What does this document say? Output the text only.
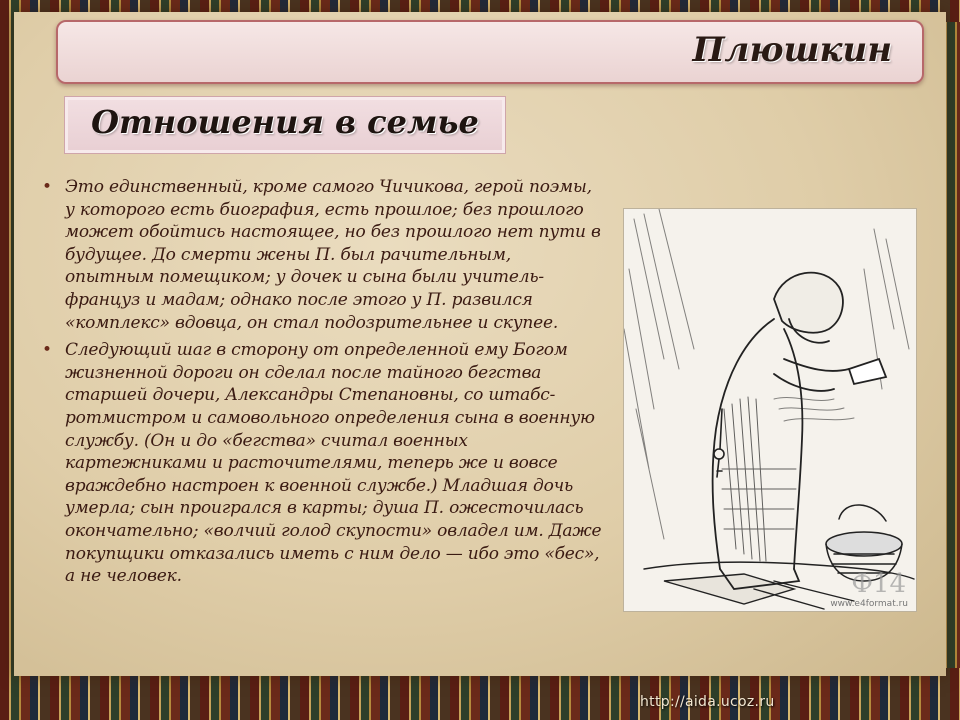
Плюшкин
Отношения в семье
• Это единственный, кроме самого Чичикова, герой поэмы, у которого есть биография, есть прошлое; без прошлого может обойтись настоящее, но без прошлого нет пути в будущее. До смерти жены П. был рачительным, опытным помещиком; у дочек и сына были учитель-француз и мадам; однако после этого у П. развился «комплекс» вдовца, он стал подозрительнее и скупее.
• Следующий шаг в сторону от определенной ему Богом жизненной дороги он сделал после тайного бегства старшей дочери, Александры Степановны, со штабс-ротмистром и самовольного определения сына в военную службу. (Он и до «бегства» считал военных картежниками и расточителями, теперь же и вовсе враждебно настроен к военной службе.) Младшая дочь умерла; сын проигрался в карты; душа П. ожесточилась окончательно; «волчий голод скупости» овладел им. Даже покупщики отказались иметь с ним дело — ибо это «бес», а не человек.	Ф14
www.e4format.ru
http://aida.ucoz.ru
